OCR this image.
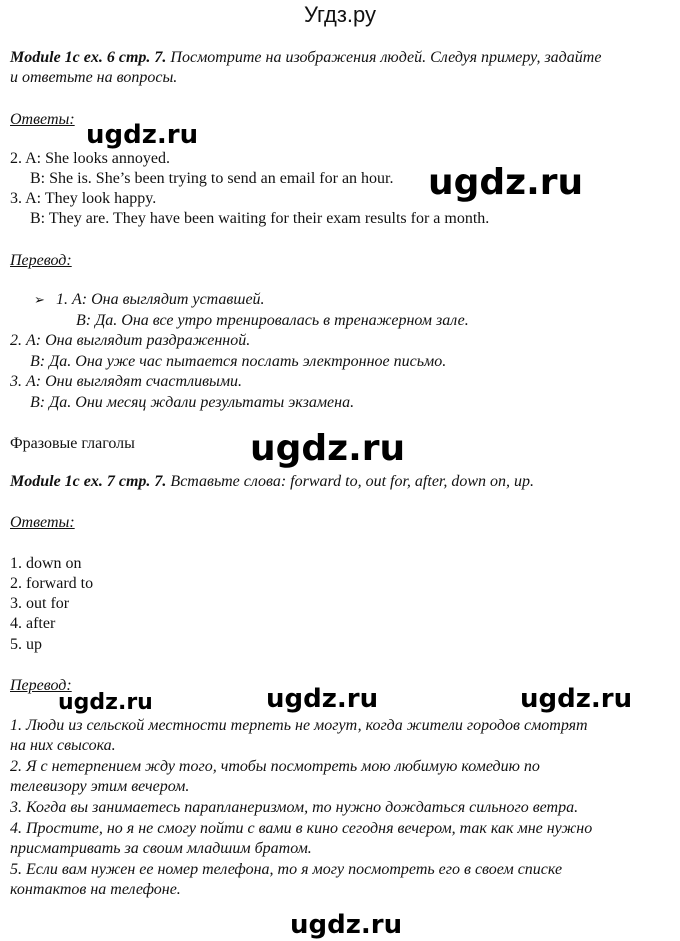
Угдз.ру
Module 1c ex. 6 стр. 7. Посмотрите на изображения людей. Следуя примеру, задайте
и ответьте на вопросы.
Ответы:
ugdz.ru
2. A: She looks annoyed.
B: She is. She’s been trying to send an email for an hour. ugdz.ru
3. A: They look happy.
B: They are. They have been waiting for their exam results for a month.
Перевод:
➢ 1. А: Она выглядит уставшей.
В: Да. Она все утро тренировалась в тренажерном зале.
2. А: Она выглядит раздраженной.
В: Да. Она уже час пытается послать электронное письмо.
3. А: Они выглядят счастливыми.
В: Да. Они месяц ждали результаты экзамена.
Фразовые глаголы	ugdz.ru
Module 1c ex. 7 стр. 7. Вставьте слова: forward to, out for, after, down on, up.
Ответы:
1. down on
2. forward to
3. out for
4. after
5. up
Перевод:
ugdz.ru	ugdz.ru	ugdz.ru
1. Люди из сельской местности терпеть не могут, когда жители городов смотрят
на них свысока.
2. Я с нетерпением жду того, чтобы посмотреть мою любимую комедию по
телевизору этим вечером.
3. Когда вы занимаетесь парапланеризмом, то нужно дождаться сильного ветра.
4. Простите, но я не смогу пойти с вами в кино сегодня вечером, так как мне нужно
присматривать за своим младшим братом.
5. Если вам нужен ее номер телефона, то я могу посмотреть его в своем списке
контактов на телефоне.
ugdz.ru
